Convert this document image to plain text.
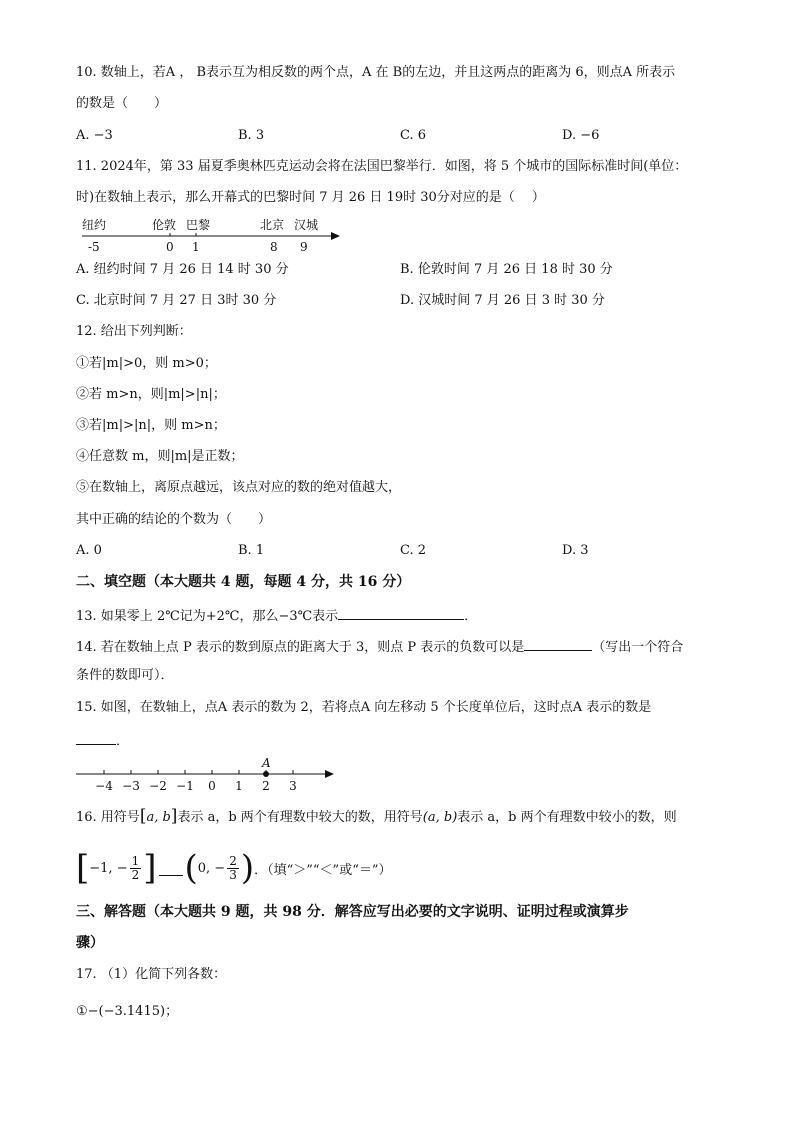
10. 数轴上，若A ， B表示互为相反数的两个点，A 在 B的左边，并且这两点的距离为 6，则点A 所表示
的数是（　　）
A. −3	B. 3	C. 6	D. −6
11. 2024年，第 33 届夏季奥林匹克运动会将在法国巴黎举行．如图，将 5 个城市的国际标准时间(单位：
时)在数轴上表示，那么开幕式的巴黎时间 7 月 26 日 19时 30分对应的是（　 ）
纽约	伦敦 巴黎	北京 汉城
-5	0 1	8 9
A. 纽约时间 7 月 26 日 14 时 30 分	B. 伦敦时间 7 月 26 日 18 时 30 分
C. 北京时间 7 月 27 日 3时 30 分	D. 汉城时间 7 月 26 日 3 时 30 分
12. 给出下列判断：
①若|m|>0，则 m>0；
②若 m>n，则|m|>|n|；
③若|m|>|n|，则 m>n；
④任意数 m，则|m|是正数；
⑤在数轴上，离原点越远，该点对应的数的绝对值越大，
其中正确的结论的个数为（　　）
A. 0	B. 1	C. 2	D. 3
二、填空题（本大题共 4 题，每题 4 分，共 16 分）
13. 如果零上 2℃记为+2℃，那么−3℃表示	．
14. 若在数轴上点 P 表示的数到原点的距离大于 3，则点 P 表示的负数可以是	（写出一个符合
条件的数即可）．
15. 如图，在数轴上，点A 表示的数为 2，若将点A 向左移动 5 个长度单位后，这时点A 表示的数是
．
−4 −3 −2 −1 0 1 2 3
A
16. 用符号[a, b]表示 a，b 两个有理数中较大的数，用符号(a, b)表示 a，b 两个有理数中较小的数，则
[ −1, − $\frac{1}{2}$ ] ( 0, − $\frac{2}{3}$ ) ．（填“＞”“＜”或“＝”）
三、解答题（本大题共 9 题，共 98 分．解答应写出必要的文字说明、证明过程或演算步
骤）
17. （1）化简下列各数：
①−(−3.1415)；
